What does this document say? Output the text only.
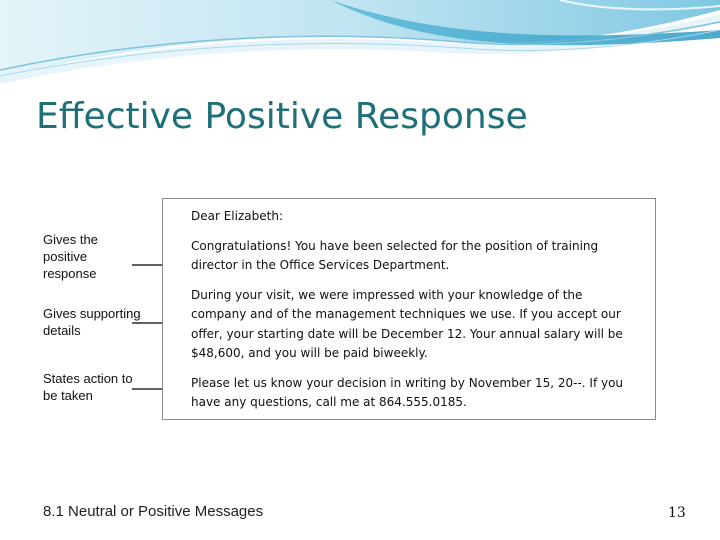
Effective Positive Response
Gives the positive response
Gives supporting details
States action to be taken

Dear Elizabeth:

Congratulations! You have been selected for the position of training director in the Office Services Department.

During your visit, we were impressed with your knowledge of the company and of the management techniques we use. If you accept our offer, your starting date will be December 12. Your annual salary will be $48,600, and you will be paid biweekly.

Please let us know your decision in writing by November 15, 20--. If you have any questions, call me at 864.555.0185.

8.1 Neutral or Positive Messages	13
